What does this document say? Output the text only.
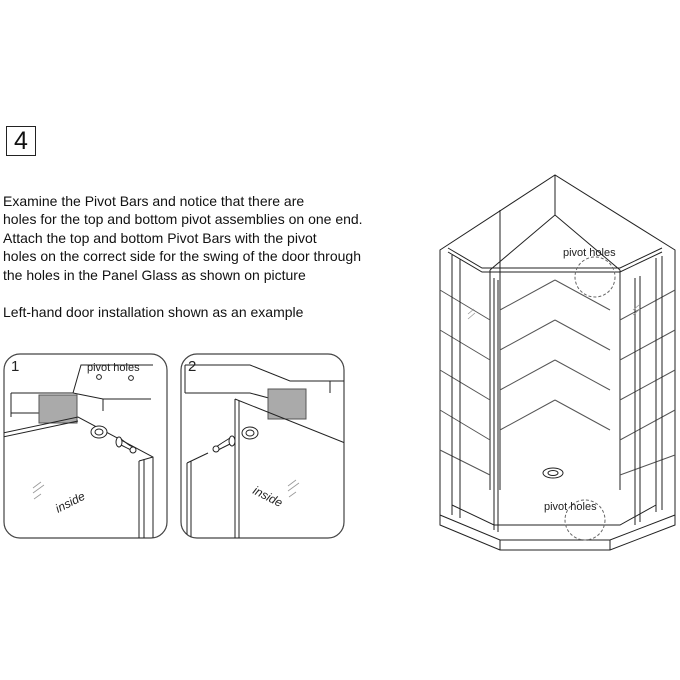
4

Examine the Pivot Bars and notice that there are

holes for the top and bottom pivot assemblies on one end.

Attach the top and bottom Pivot Bars with the pivot

holes on the correct side for the swing of the door through

the holes in the Panel Glass as shown on picture

Left-hand door installation shown as an example
1	pivot holes
inside
2
inside
pivot holes
pivot holes
